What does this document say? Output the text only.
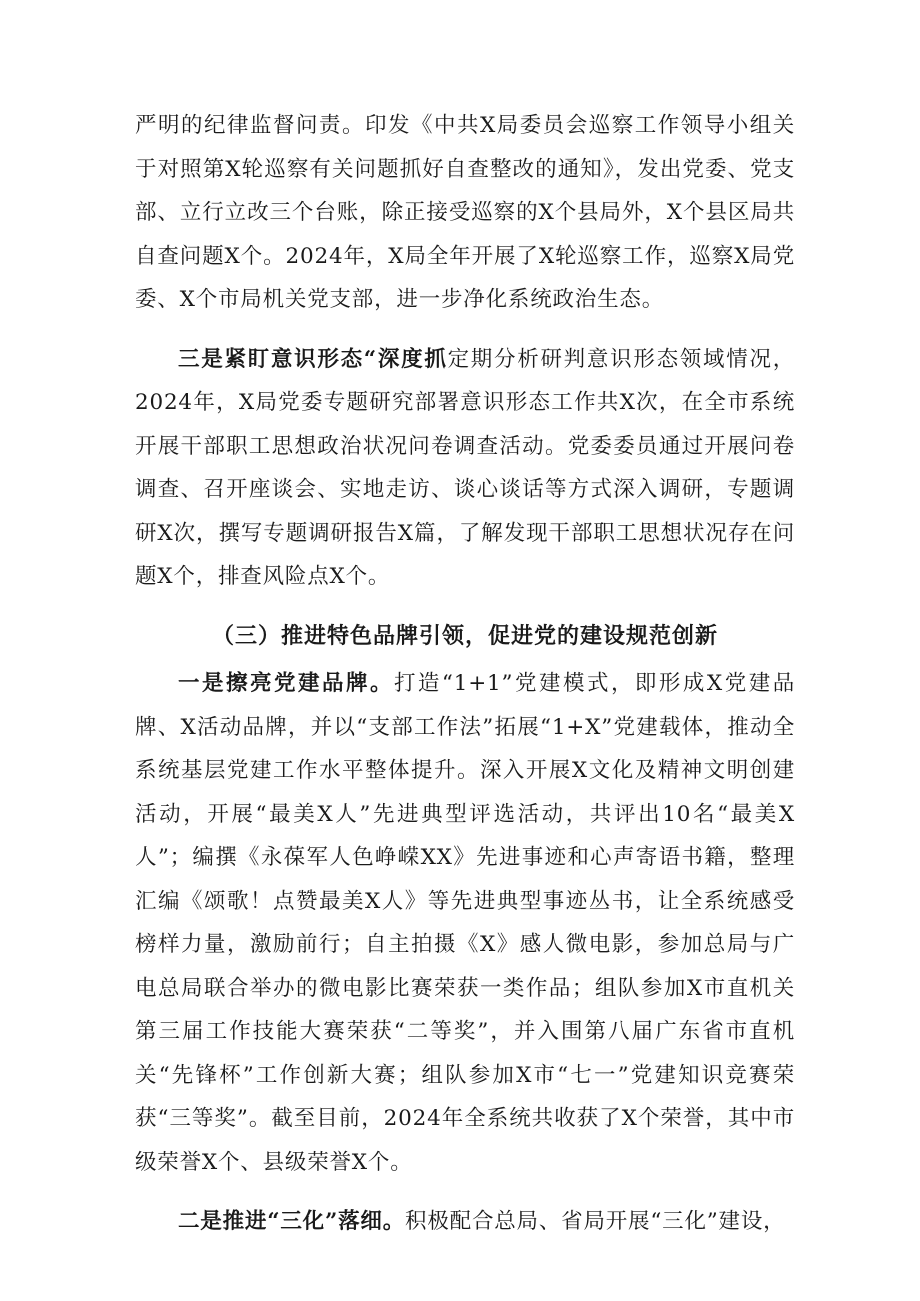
严明的纪律监督问责。印发《中共X局委员会巡察工作领导小组关于对照第X轮巡察有关问题抓好自查整改的通知》，发出党委、党支部、立行立改三个台账，除正接受巡察的X个县局外，X个县区局共自查问题X个。2024年，X局全年开展了X轮巡察工作，巡察X局党委、X个市局机关党支部，进一步净化系统政治生态。

三是紧盯意识形态“深度抓定期分析研判意识形态领域情况，2024年，X局党委专题研究部署意识形态工作共X次，在全市系统开展干部职工思想政治状况问卷调查活动。党委委员通过开展问卷调查、召开座谈会、实地走访、谈心谈话等方式深入调研，专题调研X次，撰写专题调研报告X篇，了解发现干部职工思想状况存在问题X个，排查风险点X个。

（三）推进特色品牌引领，促进党的建设规范创新

一是擦亮党建品牌。打造“1+1”党建模式，即形成X党建品牌、X活动品牌，并以“支部工作法”拓展“1+X”党建载体，推动全系统基层党建工作水平整体提升。深入开展X文化及精神文明创建活动，开展“最美X人”先进典型评选活动，共评出10名“最美X人”；编撰《永葆军人色峥嵘XX》先进事迹和心声寄语书籍，整理汇编《颂歌！点赞最美X人》等先进典型事迹丛书，让全系统感受榜样力量，激励前行；自主拍摄《X》感人微电影，参加总局与广电总局联合举办的微电影比赛荣获一类作品；组队参加X市直机关第三届工作技能大赛荣获“二等奖”，并入围第八届广东省市直机关“先锋杯”工作创新大赛；组队参加X市“七一”党建知识竞赛荣获“三等奖”。截至目前，2024年全系统共收获了X个荣誉，其中市级荣誉X个、县级荣誉X个。

二是推进“三化”落细。积极配合总局、省局开展“三化”建设，
